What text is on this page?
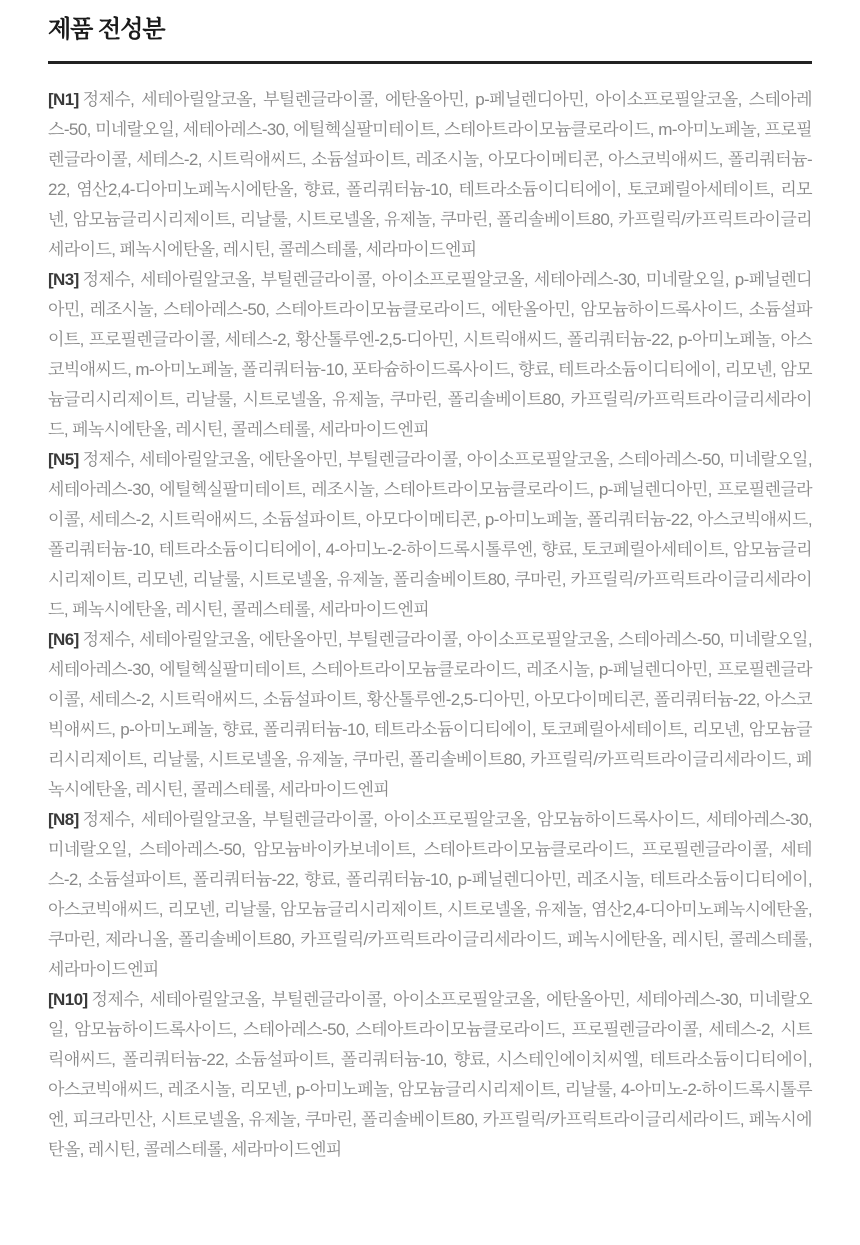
제품 전성분

[N1] 정제수, 세테아릴알코올, 부틸렌글라이콜, 에탄올아민, p-페닐렌디아민, 아이소프로필알코올, 스테아레스-50, 미네랄오일, 세테아레스-30, 에틸헥실팔미테이트, 스테아트라이모늄클로라이드, m-아미노페놀, 프로필렌글라이콜, 세테스-2, 시트릭애씨드, 소듐설파이트, 레조시놀, 아모다이메티콘, 아스코빅애씨드, 폴리쿼터늄-22, 염산2,4-디아미노페녹시에탄올, 향료, 폴리쿼터늄-10, 테트라소듐이디티에이, 토코페릴아세테이트, 리모넨, 암모늄글리시리제이트, 리날룰, 시트로넬올, 유제놀, 쿠마린, 폴리솔베이트80, 카프릴릭/카프릭트라이글리세라이드, 페녹시에탄올, 레시틴, 콜레스테롤, 세라마이드엔피

[N3] 정제수, 세테아릴알코올, 부틸렌글라이콜, 아이소프로필알코올, 세테아레스-30, 미네랄오일, p-페닐렌디아민, 레조시놀, 스테아레스-50, 스테아트라이모늄클로라이드, 에탄올아민, 암모늄하이드록사이드, 소듐설파이트, 프로필렌글라이콜, 세테스-2, 황산톨루엔-2,5-디아민, 시트릭애씨드, 폴리쿼터늄-22, p-아미노페놀, 아스코빅애씨드, m-아미노페놀, 폴리쿼터늄-10, 포타슘하이드록사이드, 향료, 테트라소듐이디티에이, 리모넨, 암모늄글리시리제이트, 리날룰, 시트로넬올, 유제놀, 쿠마린, 폴리솔베이트80, 카프릴릭/카프릭트라이글리세라이드, 페녹시에탄올, 레시틴, 콜레스테롤, 세라마이드엔피

[N5] 정제수, 세테아릴알코올, 에탄올아민, 부틸렌글라이콜, 아이소프로필알코올, 스테아레스-50, 미네랄오일, 세테아레스-30, 에틸헥실팔미테이트, 레조시놀, 스테아트라이모늄클로라이드, p-페닐렌디아민, 프로필렌글라이콜, 세테스-2, 시트릭애씨드, 소듐설파이트, 아모다이메티콘, p-아미노페놀, 폴리쿼터늄-22, 아스코빅애씨드, 폴리쿼터늄-10, 테트라소듐이디티에이, 4-아미노-2-하이드록시톨루엔, 향료, 토코페릴아세테이트, 암모늄글리시리제이트, 리모넨, 리날룰, 시트로넬올, 유제놀, 폴리솔베이트80, 쿠마린, 카프릴릭/카프릭트라이글리세라이드, 페녹시에탄올, 레시틴, 콜레스테롤, 세라마이드엔피

[N6] 정제수, 세테아릴알코올, 에탄올아민, 부틸렌글라이콜, 아이소프로필알코올, 스테아레스-50, 미네랄오일, 세테아레스-30, 에틸헥실팔미테이트, 스테아트라이모늄클로라이드, 레조시놀, p-페닐렌디아민, 프로필렌글라이콜, 세테스-2, 시트릭애씨드, 소듐설파이트, 황산톨루엔-2,5-디아민, 아모다이메티콘, 폴리쿼터늄-22, 아스코빅애씨드, p-아미노페놀, 향료, 폴리쿼터늄-10, 테트라소듐이디티에이, 토코페릴아세테이트, 리모넨, 암모늄글리시리제이트, 리날룰, 시트로넬올, 유제놀, 쿠마린, 폴리솔베이트80, 카프릴릭/카프릭트라이글리세라이드, 페녹시에탄올, 레시틴, 콜레스테롤, 세라마이드엔피

[N8] 정제수, 세테아릴알코올, 부틸렌글라이콜, 아이소프로필알코올, 암모늄하이드록사이드, 세테아레스-30, 미네랄오일, 스테아레스-50, 암모늄바이카보네이트, 스테아트라이모늄클로라이드, 프로필렌글라이콜, 세테스-2, 소듐설파이트, 폴리쿼터늄-22, 향료, 폴리쿼터늄-10, p-페닐렌디아민, 레조시놀, 테트라소듐이디티에이, 아스코빅애씨드, 리모넨, 리날룰, 암모늄글리시리제이트, 시트로넬올, 유제놀, 염산2,4-디아미노페녹시에탄올, 쿠마린, 제라니올, 폴리솔베이트80, 카프릴릭/카프릭트라이글리세라이드, 페녹시에탄올, 레시틴, 콜레스테롤, 세라마이드엔피

[N10] 정제수, 세테아릴알코올, 부틸렌글라이콜, 아이소프로필알코올, 에탄올아민, 세테아레스-30, 미네랄오일, 암모늄하이드록사이드, 스테아레스-50, 스테아트라이모늄클로라이드, 프로필렌글라이콜, 세테스-2, 시트릭애씨드, 폴리쿼터늄-22, 소듐설파이트, 폴리쿼터늄-10, 향료, 시스테인에이치씨엘, 테트라소듐이디티에이, 아스코빅애씨드, 레조시놀, 리모넨, p-아미노페놀, 암모늄글리시리제이트, 리날룰, 4-아미노-2-하이드록시톨루엔, 피크라민산, 시트로넬올, 유제놀, 쿠마린, 폴리솔베이트80, 카프릴릭/카프릭트라이글리세라이드, 페녹시에탄올, 레시틴, 콜레스테롤, 세라마이드엔피
